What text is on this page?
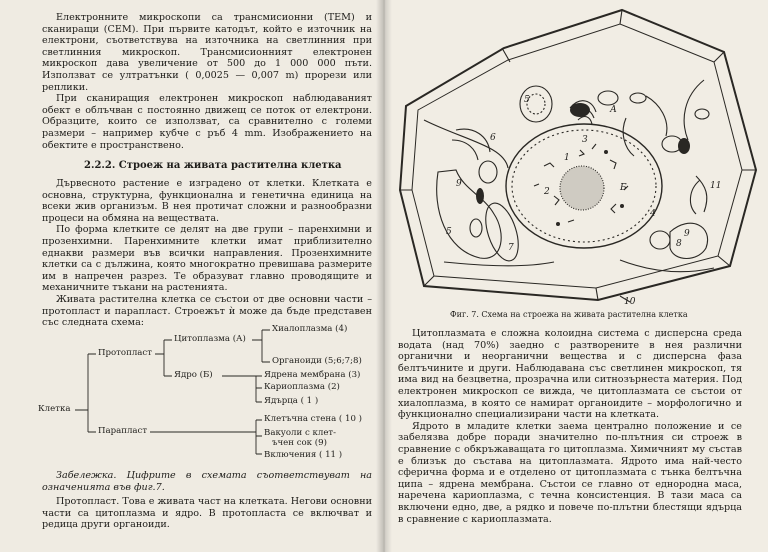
Електронните микроскопи са трансмисионни (ТЕМ) и сканиращи (СЕМ). При първите катодът, който е източник на електрони, съответствува на източника на светлинния при светлинния микроскоп. Трансмисионният електронен микроскоп дава увеличение от 500 до 1 000 000 пъти. Използват се ултратънки ( 0,0025 — 0,007 m) прорези или реплики.

При сканиращия електронен микроскоп наблюдаваният обект е облъчван с постоянно движещ се поток от електрони. Образците, които се използват, са сравнително с големи размери – например кубче с ръб 4 mm. Изображението на обектите е пространствено.

2.2.2. Строеж на живата растителна клетка

Дървесното растение е изградено от клетки. Клетката е основна, структурна, функционална и генетична единица на всеки жив организъм. В нея протичат сложни и разнообразни процеси на обмяна на веществата.

По форма клетките се делят на две групи – паренхимни и прозенхимни. Паренхимните клетки имат приблизително еднакви размери във всички направления. Прозенхимните клетки са с дължина, която многократно превишава размерите им в напречен разрез. Те образуват главно проводящите и механичните тъкани на растенията.

Живата растителна клетка се състои от две основни части – протопласт и парапласт. Строежът ѝ може да бъде представен със следната схема:

Клетка
Протопласт
Парапласт
Цитоплазма (А)
Ядро (Б)
Хиалоплазма (4)
Органоиди (5;6;7;8)
Ядрена мембрана (3)
Кариоплазма (2)
Ядърца ( 1 )
Клетъчна стена ( 10 )
Вакуоли с клет-
ъчен сок (9)
Включения ( 11 )

Забележка. Цифрите в схемата съответствуват на означенията във фиг.7.

Протопласт. Това е живата част на клетката. Негови основни части са цитоплазма и ядро. В протопласта се включват и редица други органоиди.

5
6	3
А
1
2	Б
4
9
7	8
11
10
9
5
Фиг. 7. Схема на строежа на живата растителна клетка

Цитоплазмата е сложна колоидна система с дисперсна среда водата (над 70%) заедно с разтворените в нея различни органични и неорганични вещества и с дисперсна фаза белтъчините и други. Наблюдавана със светлинен микроскоп, тя има вид на безцветна, прозрачна или ситнозърнеста материя. Под електронен микроскоп се вижда, че цитоплазмата се състои от хиалоплазма, в която се намират органоидите – морфологично и функционално специализирани части на клетката.

Ядрото в младите клетки заема централно положение и се забелязва добре поради значително по-плътния си строеж в сравнение с обкръжаващата го цитоплазма. Химичният му състав е близък до състава на цитоплазмата. Ядрото има най-често сферична форма и е отделено от цитоплазмата с тънка белтъчна ципа – ядрена мембрана. Състои се главно от еднородна маса, наречена кариоплазма, с течна консистенция. В тази маса са включени едно, две, а рядко и повече по-плътни блестящи ядърца в сравнение с кариоплазмата.
